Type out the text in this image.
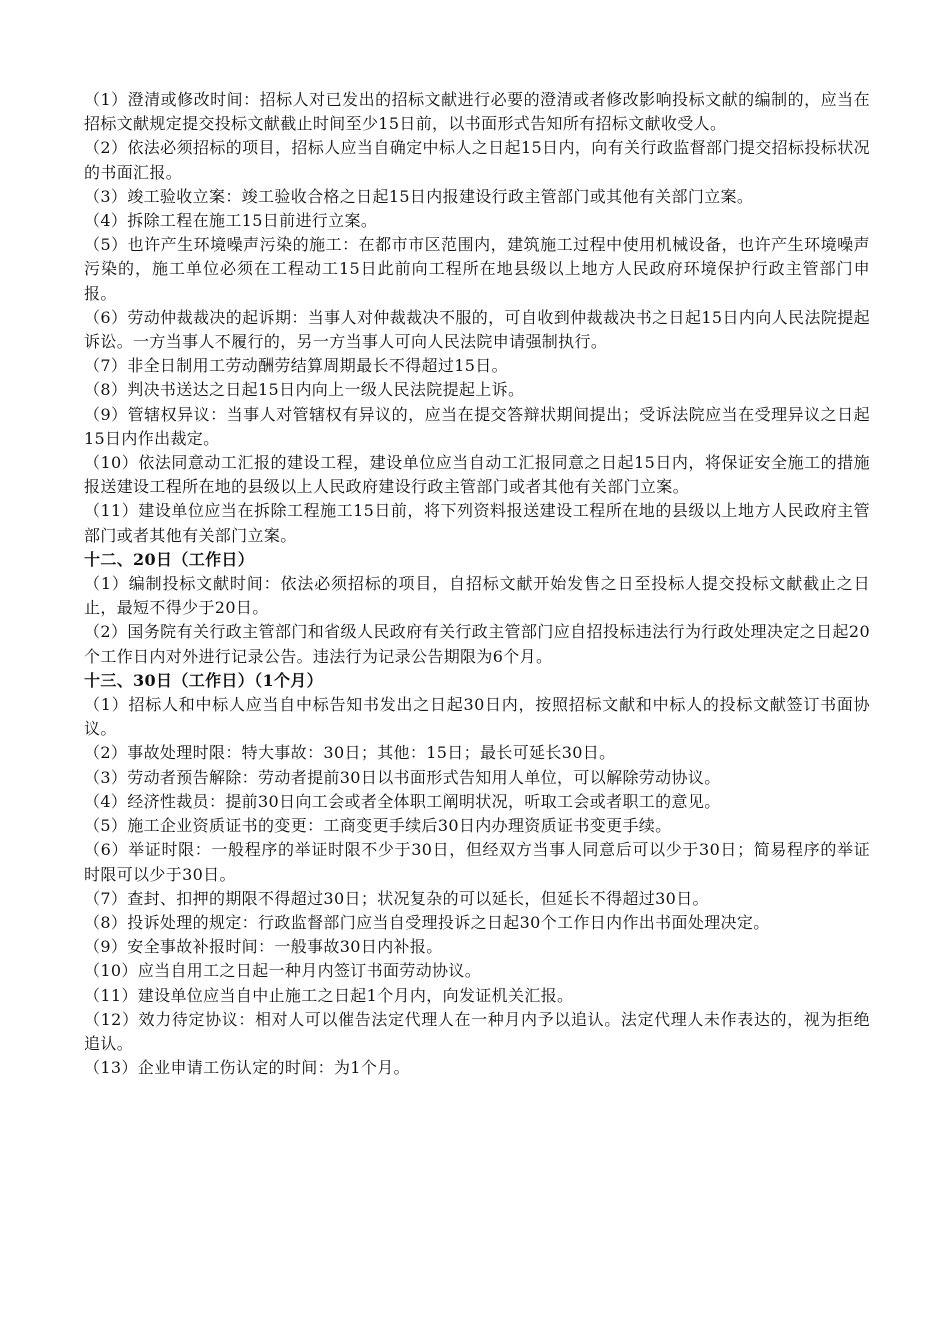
（1）澄清或修改时间：招标人对已发出的招标文献进行必要的澄清或者修改影响投标文献的编制的，应当在招标文献规定提交投标文献截止时间至少15日前，以书面形式告知所有招标文献收受人。

（2）依法必须招标的项目，招标人应当自确定中标人之日起15日内，向有关行政监督部门提交招标投标状况的书面汇报。

（3）竣工验收立案：竣工验收合格之日起15日内报建设行政主管部门或其他有关部门立案。

（4）拆除工程在施工15日前进行立案。

（5）也许产生环境噪声污染的施工：在都市市区范围内，建筑施工过程中使用机械设备，也许产生环境噪声污染的，施工单位必须在工程动工15日此前向工程所在地县级以上地方人民政府环境保护行政主管部门申报。

（6）劳动仲裁裁决的起诉期：当事人对仲裁裁决不服的，可自收到仲裁裁决书之日起15日内向人民法院提起诉讼。一方当事人不履行的，另一方当事人可向人民法院申请强制执行。

（7）非全日制用工劳动酬劳结算周期最长不得超过15日。

（8）判决书送达之日起15日内向上一级人民法院提起上诉。

（9）管辖权异议：当事人对管辖权有异议的，应当在提交答辩状期间提出；受诉法院应当在受理异议之日起15日内作出裁定。

（10）依法同意动工汇报的建设工程，建设单位应当自动工汇报同意之日起15日内，将保证安全施工的措施报送建设工程所在地的县级以上人民政府建设行政主管部门或者其他有关部门立案。

（11）建设单位应当在拆除工程施工15日前，将下列资料报送建设工程所在地的县级以上地方人民政府主管部门或者其他有关部门立案。

十二、20日（工作日）

（1）编制投标文献时间：依法必须招标的项目，自招标文献开始发售之日至投标人提交投标文献截止之日止，最短不得少于20日。

（2）国务院有关行政主管部门和省级人民政府有关行政主管部门应自招投标违法行为行政处理决定之日起20个工作日内对外进行记录公告。违法行为记录公告期限为6个月。

十三、30日（工作日）（1个月）

（1）招标人和中标人应当自中标告知书发出之日起30日内，按照招标文献和中标人的投标文献签订书面协议。

（2）事故处理时限：特大事故：30日；其他：15日；最长可延长30日。

（3）劳动者预告解除：劳动者提前30日以书面形式告知用人单位，可以解除劳动协议。

（4）经济性裁员：提前30日向工会或者全体职工阐明状况，听取工会或者职工的意见。

（5）施工企业资质证书的变更：工商变更手续后30日内办理资质证书变更手续。

（6）举证时限：一般程序的举证时限不少于30日，但经双方当事人同意后可以少于30日；简易程序的举证时限可以少于30日。

（7）查封、扣押的期限不得超过30日；状况复杂的可以延长，但延长不得超过30日。

（8）投诉处理的规定：行政监督部门应当自受理投诉之日起30个工作日内作出书面处理决定。

（9）安全事故补报时间：一般事故30日内补报。

（10）应当自用工之日起一种月内签订书面劳动协议。

（11）建设单位应当自中止施工之日起1个月内，向发证机关汇报。

（12）效力待定协议：相对人可以催告法定代理人在一种月内予以追认。法定代理人未作表达的，视为拒绝追认。

（13）企业申请工伤认定的时间：为1个月。
